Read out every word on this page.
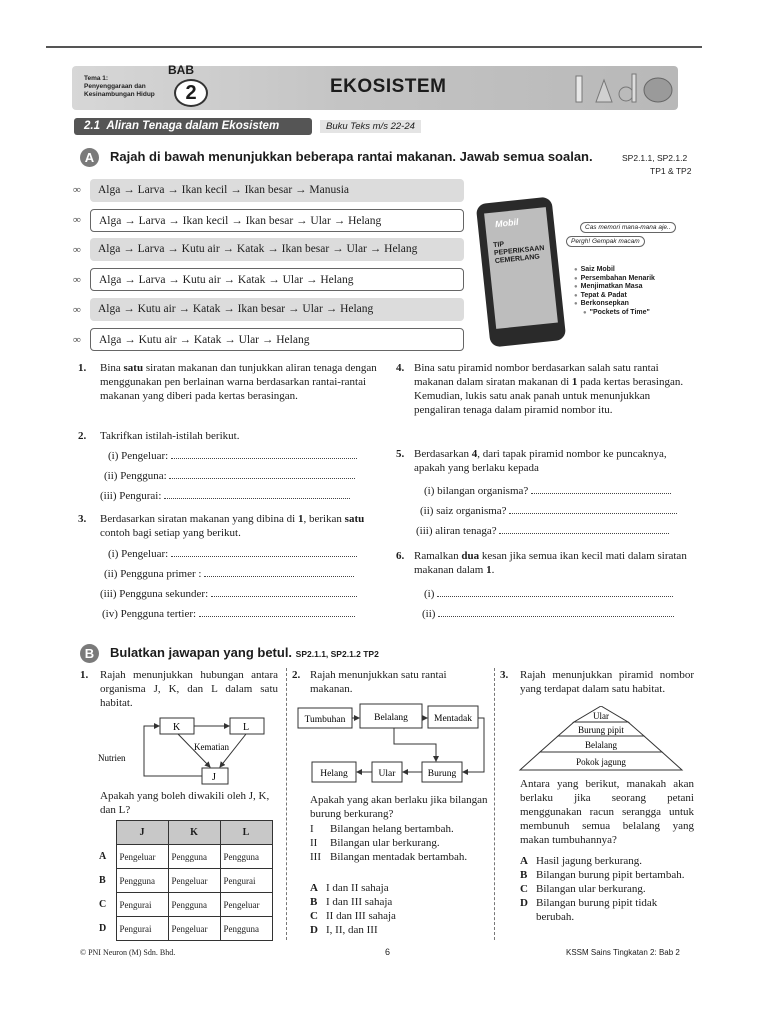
Tema 1:
Penyenggaraan dan
Kesinambungan Hidup
BAB
2	EKOSISTEM
2.1 Aliran Tenaga dalam Ekosistem	Buku Teks m/s 22-24
A	Rajah di bawah menunjukkan beberapa rantai makanan. Jawab semua soalan.	SP2.1.1, SP2.1.2
TP1 & TP2
∞	Alga → Larva → Ikan kecil → Ikan besar → Manusia
∞	Alga → Larva → Ikan kecil → Ikan besar → Ular → Helang
∞	Alga → Larva → Kutu air → Katak → Ikan besar → Ular → Helang
∞	Alga → Larva → Kutu air → Katak → Ular → Helang
∞	Alga → Kutu air → Katak → Ikan besar → Ular → Helang
∞	Alga → Kutu air → Katak → Ular → Helang
Mobil
TIP PEPERIKSAAN CEMERLANG
Cas memori mana-mana aje..
Pergh! Gempak macam
● Saiz Mobil
● Persembahan Menarik
● Menjimatkan Masa
● Tepat & Padat
● Berkonsepkan
● "Pockets of Time"
1. Bina satu siratan makanan dan tunjukkan aliran tenaga dengan menggunakan pen berlainan warna berdasarkan rantai-rantai makanan yang diberi pada kertas berasingan.
2. Takrifkan istilah-istilah berikut.
(i) Pengeluar:
(ii) Pengguna:
(iii) Pengurai:
3. Berdasarkan siratan makanan yang dibina di 1, berikan satu contoh bagi setiap yang berikut.
(i) Pengeluar:
(ii) Pengguna primer :
(iii) Pengguna sekunder:
(iv) Pengguna tertier:
4. Bina satu piramid nombor berdasarkan salah satu rantai makanan dalam siratan makanan di 1 pada kertas berasingan. Kemudian, lukis satu anak panah untuk menunjukkan pengaliran tenaga dalam piramid nombor itu.
5. Berdasarkan 4, dari tapak piramid nombor ke puncaknya, apakah yang berlaku kepada
(i) bilangan organisma?
(ii) saiz organisma?
(iii) aliran tenaga?
6. Ramalkan dua kesan jika semua ikan kecil mati dalam siratan makanan dalam 1.
(i)
(ii)
B	Bulatkan jawapan yang betul. SP2.1.1, SP2.1.2 TP2
1. Rajah menunjukkan hubungan antara organisma J, K, dan L dalam satu habitat.
K	L
J
Nutrien
Kematian
Apakah yang boleh diwakili oleh J, K, dan L?
	J	K	L
A	Pengeluar	Pengguna	Pengguna
B	Pengguna	Pengeluar	Pengurai
C	Pengurai	Pengguna	Pengeluar
D	Pengurai	Pengeluar	Pengguna
2. Rajah menunjukkan satu rantai makanan.
Tumbuhan	Belalang	Mentadak
Helang	Ular	Burung
Apakah yang akan berlaku jika bilangan burung berkurang?
I Bilangan helang bertambah.
II Bilangan ular berkurang.
III Bilangan mentadak bertambah.
A I dan II sahaja
B I dan III sahaja
C II dan III sahaja
D I, II, dan III
3. Rajah menunjukkan piramid nombor yang terdapat dalam satu habitat.
Ular
Burung pipit
Belalang
Pokok jagung
Antara yang berikut, manakah akan berlaku jika seorang petani menggunakan racun serangga untuk membunuh semua belalang yang makan tumbuhannya?
A Hasil jagung berkurang.
B Bilangan burung pipit bertambah.
C Bilangan ular berkurang.
D Bilangan burung pipit tidak berubah.
© PNI Neuron (M) Sdn. Bhd.	6	KSSM Sains Tingkatan 2: Bab 2
